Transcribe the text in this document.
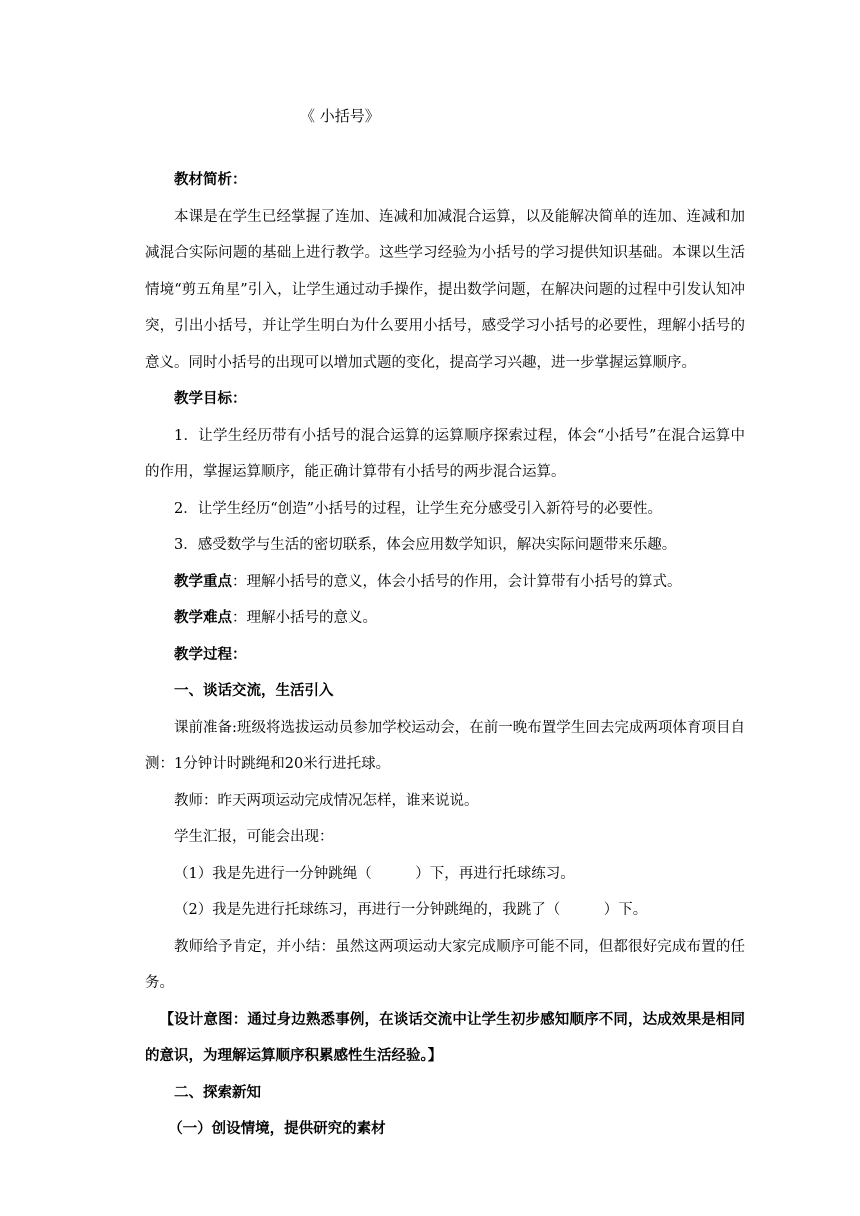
《 小括号》

教材简析：

本课是在学生已经掌握了连加、连减和加减混合运算，以及能解决简单的连加、连减和加减混合实际问题的基础上进行教学。这些学习经验为小括号的学习提供知识基础。本课以生活情境“剪五角星”引入，让学生通过动手操作，提出数学问题，在解决问题的过程中引发认知冲突，引出小括号，并让学生明白为什么要用小括号，感受学习小括号的必要性，理解小括号的意义。同时小括号的出现可以增加式题的变化，提高学习兴趣，进一步掌握运算顺序。

教学目标：

1．让学生经历带有小括号的混合运算的运算顺序探索过程，体会“小括号”在混合运算中的作用，掌握运算顺序，能正确计算带有小括号的两步混合运算。

2．让学生经历“创造”小括号的过程，让学生充分感受引入新符号的必要性。

3．感受数学与生活的密切联系，体会应用数学知识，解决实际问题带来乐趣。

教学重点：理解小括号的意义，体会小括号的作用，会计算带有小括号的算式。

教学难点：理解小括号的意义。

教学过程：

一、谈话交流，生活引入

课前准备:班级将选拔运动员参加学校运动会，在前一晚布置学生回去完成两项体育项目自测：1分钟计时跳绳和20米行进托球。

教师：昨天两项运动完成情况怎样，谁来说说。

学生汇报，可能会出现：

（1）我是先进行一分钟跳绳（　　　）下，再进行托球练习。

（2）我是先进行托球练习，再进行一分钟跳绳的，我跳了（　　　）下。

教师给予肯定，并小结：虽然这两项运动大家完成顺序可能不同，但都很好完成布置的任务。

【设计意图：通过身边熟悉事例，在谈话交流中让学生初步感知顺序不同，达成效果是相同的意识，为理解运算顺序积累感性生活经验。】

二、探索新知

（一）创设情境，提供研究的素材
